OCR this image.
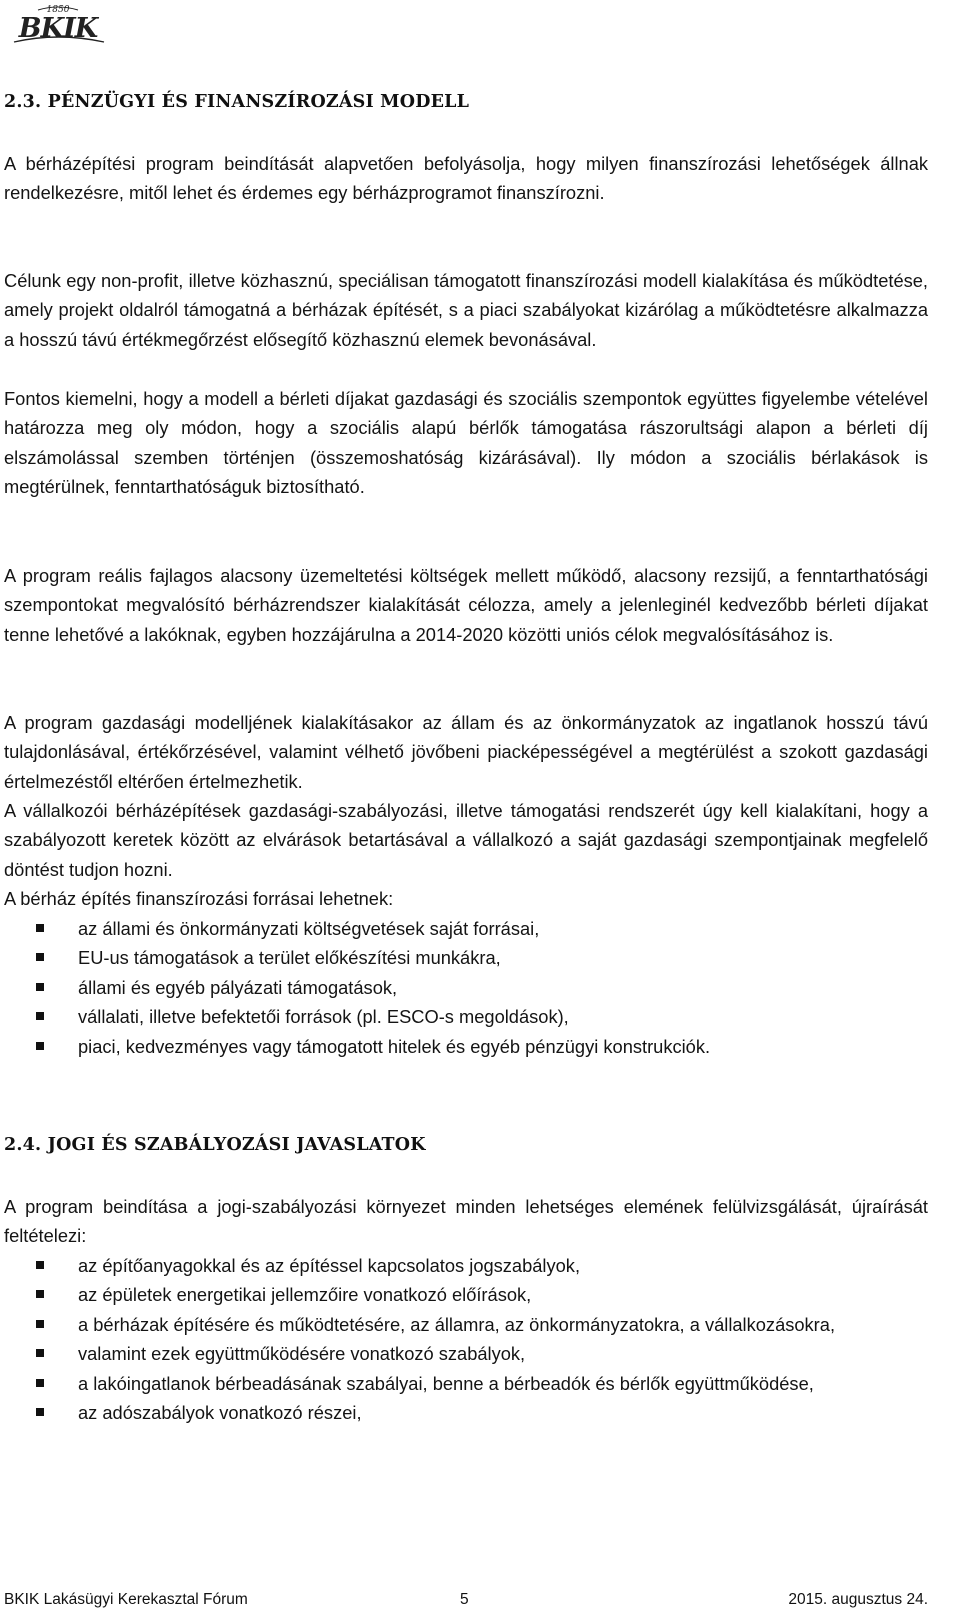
1850
BKIK
2.3. PÉNZÜGYI ÉS FINANSZÍROZÁSI MODELL

A bérházépítési program beindítását alapvetően befolyásolja, hogy milyen finanszírozási lehetőségek állnak rendelkezésre, mitől lehet és érdemes egy bérházprogramot finanszírozni.

Célunk egy non-profit, illetve közhasznú, speciálisan támogatott finanszírozási modell kialakítása és működtetése, amely projekt oldalról támogatná a bérházak építését, s a piaci szabályokat kizárólag a működtetésre alkalmazza a hosszú távú értékmegőrzést elősegítő közhasznú elemek bevonásával.

Fontos kiemelni, hogy a modell a bérleti díjakat gazdasági és szociális szempontok együttes figyelembe vételével határozza meg oly módon, hogy a szociális alapú bérlők támogatása rászorultsági alapon a bérleti díj elszámolással szemben történjen (összemoshatóság kizárásával). Ily módon a szociális bérlakások is megtérülnek, fenntarthatóságuk biztosítható.

A program reális fajlagos alacsony üzemeltetési költségek mellett működő, alacsony rezsijű, a fenntarthatósági szempontokat megvalósító bérházrendszer kialakítását célozza, amely a jelenleginél kedvezőbb bérleti díjakat tenne lehetővé a lakóknak, egyben hozzájárulna a 2014-2020 közötti uniós célok megvalósításához is.

A program gazdasági modelljének kialakításakor az állam és az önkormányzatok az ingatlanok hosszú távú tulajdonlásával, értékőrzésével, valamint vélhető jövőbeni piacképességével a megtérülést a szokott gazdasági értelmezéstől eltérően értelmezhetik.

A vállalkozói bérházépítések gazdasági-szabályozási, illetve támogatási rendszerét úgy kell kialakítani, hogy a szabályozott keretek között az elvárások betartásával a vállalkozó a saját gazdasági szempontjainak megfelelő döntést tudjon hozni.

A bérház építés finanszírozási forrásai lehetnek:

az állami és önkormányzati költségvetések saját forrásai,
EU-us támogatások a terület előkészítési munkákra,
állami és egyéb pályázati támogatások,
vállalati, illetve befektetői források (pl. ESCO-s megoldások),
piaci, kedvezményes vagy támogatott hitelek és egyéb pénzügyi konstrukciók.
2.4. JOGI ÉS SZABÁLYOZÁSI JAVASLATOK

A program beindítása a jogi-szabályozási környezet minden lehetséges elemének felülvizsgálását, újraírását feltételezi:

az építőanyagokkal és az építéssel kapcsolatos jogszabályok,
az épületek energetikai jellemzőire vonatkozó előírások,
a bérházak építésére és működtetésére, az államra, az önkormányzatokra, a vállalkozásokra,
valamint ezek együttműködésére vonatkozó szabályok,
a lakóingatlanok bérbeadásának szabályai, benne a bérbeadók és bérlők együttműködése,
az adószabályok vonatkozó részei,
BKIK Lakásügyi Kerekasztal Fórum	5	2015. augusztus 24.
